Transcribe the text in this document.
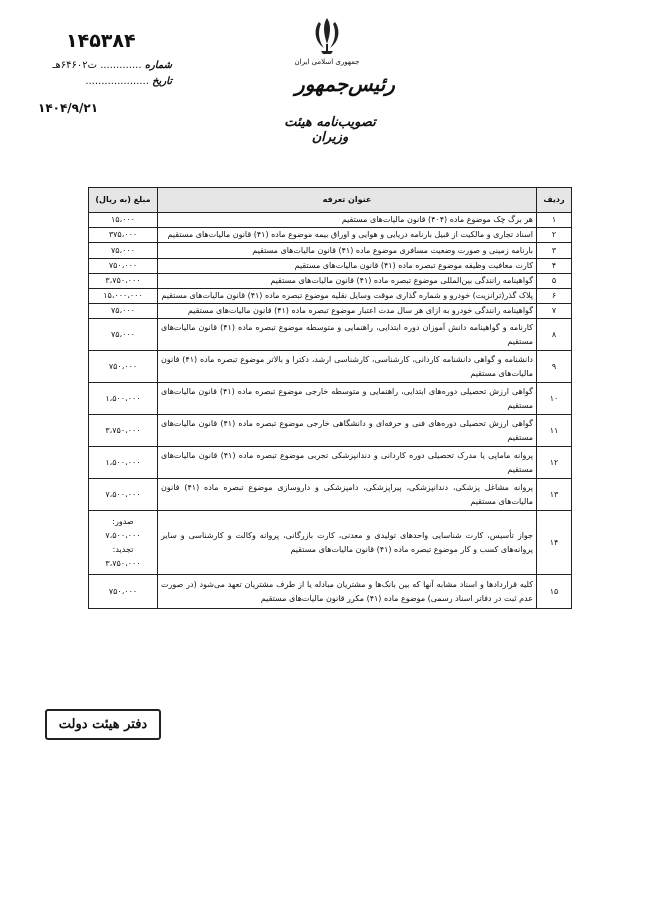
۱۴۵۳۸۴
شماره ............. ت۶۴۶۰۲هـ
تاریخ ....................
۱۴۰۴/۹/۲۱
جمهوری اسلامی ایران
رئیس‌جمهور
تصویب‌نامه هیئت وزیران
ردیف	عنوان تعرفه	مبلغ (به ریال)
۱	هر برگ چک موضوع ماده (۴۰۴) قانون مالیات‌های مستقیم	۱۵،۰۰۰

۲	اسناد تجاری و مالکیت از قبیل بارنامه دریایی و هوایی و اوراق بیمه موضوع ماده (۴۱) قانون مالیات‌های مستقیم	۳۷۵،۰۰۰

۳	بارنامه زمینی و صورت وضعیت مسافری موضوع ماده (۴۱) قانون مالیات‌های مستقیم	۷۵،۰۰۰

۴	کارت معافیت وظیفه موضوع تبصره ماده (۴۱) قانون مالیات‌های مستقیم	۷۵۰،۰۰۰

۵	گواهینامه رانندگی بین‌المللی موضوع تبصره ماده (۴۱) قانون مالیات‌های مستقیم	۳،۷۵۰،۰۰۰

۶	پلاک گذر(ترانزیت) خودرو و شماره گذاری موقت وسایل نقلیه موضوع تبصره ماده (۴۱) قانون مالیات‌های مستقیم	۱۵،۰۰۰،۰۰۰

۷	گواهینامه رانندگی خودرو به ازای هر سال مدت اعتبار موضوع تبصره ماده (۴۱) قانون مالیات‌های مستقیم	۷۵،۰۰۰

۸	کارنامه و گواهینامه دانش آموزان دوره ابتدایی، راهنمایی و متوسطه موضوع تبصره ماده (۴۱) قانون مالیات‌های مستقیم	۷۵،۰۰۰

۹	دانشنامه و گواهی دانشنامه کاردانی، کارشناسی، کارشناسی ارشد، دکترا و بالاتر موضوع تبصره ماده (۴۱) قانون مالیات‌های مستقیم	۷۵۰،۰۰۰

۱۰	گواهی ارزش تحصیلی دوره‌های ابتدایی، راهنمایی و متوسطه خارجی موضوع تبصره ماده (۴۱) قانون مالیات‌های مستقیم	۱،۵۰۰،۰۰۰

۱۱	گواهی ارزش تحصیلی دوره‌های فنی و حرفه‌ای و دانشگاهی خارجی موضوع تبصره ماده (۴۱) قانون مالیات‌های مستقیم	۳،۷۵۰،۰۰۰

۱۲	پروانه ماماپی یا مدرک تحصیلی دوره کاردانی و دندانپزشکی تجربی موضوع تبصره ماده (۴۱) قانون مالیات‌های مستقیم	۱،۵۰۰،۰۰۰

۱۳	پروانه مشاغل پزشکی، دندانپزشکی، پیراپزشکی، دامپزشکی و داروسازی موضوع تبصره ماده (۴۱) قانون مالیات‌های مستقیم	۷،۵۰۰،۰۰۰

۱۴	جواز تأسیس، کارت شناسایی واحدهای تولیدی و معدنی، کارت بازرگانی، پروانه وکالت و کارشناسی و سایر پروانه‌های کسب و کار موضوع تبصره ماده (۴۱) قانون مالیات‌های مستقیم	صدور:
۷،۵۰۰،۰۰۰
تجدید:
۳،۷۵۰،۰۰۰

۱۵	کلیه قراردادها و اسناد مشابه آنها که بین بانک‌ها و مشتریان مبادله یا از طرف مشتریان تعهد می‌شود (در صورت عدم ثبت در دفاتر اسناد رسمی) موضوع ماده (۴۱) مکرر قانون مالیات‌های مستقیم	۷۵۰،۰۰۰
دفتر هیئت دولت
